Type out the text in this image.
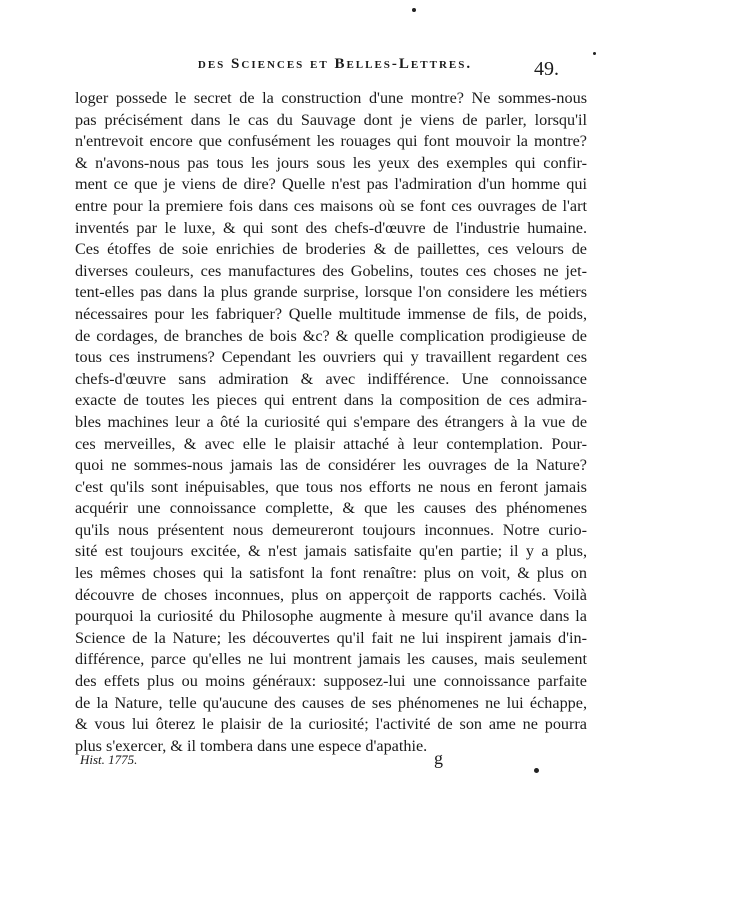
des Sciences et Belles-Lettres.	49.
loger possede le secret de la construction d'une montre? Ne sommes-nous
pas précisément dans le cas du Sauvage dont je viens de parler, lorsqu'il
n'entrevoit encore que confusément les rouages qui font mouvoir la montre?
& n'avons-nous pas tous les jours sous les yeux des exemples qui confir-
ment ce que je viens de dire? Quelle n'est pas l'admiration d'un homme qui
entre pour la premiere fois dans ces maisons où se font ces ouvrages de l'art
inventés par le luxe, & qui sont des chefs-d'œuvre de l'industrie humaine.
Ces étoffes de soie enrichies de broderies & de paillettes, ces velours de
diverses couleurs, ces manufactures des Gobelins, toutes ces choses ne jet-
tent-elles pas dans la plus grande surprise, lorsque l'on considere les métiers
nécessaires pour les fabriquer? Quelle multitude immense de fils, de poids,
de cordages, de branches de bois &c? & quelle complication prodigieuse de
tous ces instrumens? Cependant les ouvriers qui y travaillent regardent ces
chefs-d'œuvre sans admiration & avec indifférence. Une connoissance
exacte de toutes les pieces qui entrent dans la composition de ces admira-
bles machines leur a ôté la curiosité qui s'empare des étrangers à la vue de
ces merveilles, & avec elle le plaisir attaché à leur contemplation. Pour-
quoi ne sommes-nous jamais las de considérer les ouvrages de la Nature?
c'est qu'ils sont inépuisables, que tous nos efforts ne nous en feront jamais
acquérir une connoissance complette, & que les causes des phénomenes
qu'ils nous présentent nous demeureront toujours inconnues. Notre curio-
sité est toujours excitée, & n'est jamais satisfaite qu'en partie; il y a plus,
les mêmes choses qui la satisfont la font renaître: plus on voit, & plus on
découvre de choses inconnues, plus on apperçoit de rapports cachés. Voilà
pourquoi la curiosité du Philosophe augmente à mesure qu'il avance dans la
Science de la Nature; les découvertes qu'il fait ne lui inspirent jamais d'in-
différence, parce qu'elles ne lui montrent jamais les causes, mais seulement
des effets plus ou moins généraux: supposez-lui une connoissance parfaite
de la Nature, telle qu'aucune des causes de ses phénomenes ne lui échappe,
& vous lui ôterez le plaisir de la curiosité; l'activité de son ame ne pourra
plus s'exercer, & il tombera dans une espece d'apathie.
Hist. 1775.	g
